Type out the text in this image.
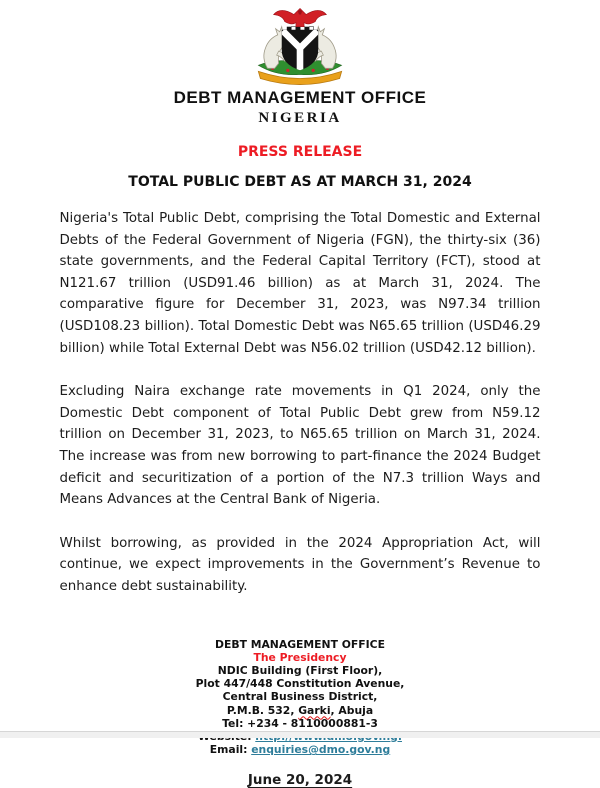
DEBT MANAGEMENT OFFICE
NIGERIA
PRESS RELEASE
TOTAL PUBLIC DEBT AS AT MARCH 31, 2024

Nigeria's Total Public Debt, comprising the Total Domestic and External Debts of the Federal Government of Nigeria (FGN), the thirty-six (36) state governments, and the Federal Capital Territory (FCT), stood at N121.67 trillion (USD91.46 billion) as at March 31, 2024. The comparative figure for December 31, 2023, was N97.34 trillion (USD108.23 billion). Total Domestic Debt was N65.65 trillion (USD46.29 billion) while Total External Debt was N56.02 trillion (USD42.12 billion).

Excluding Naira exchange rate movements in Q1 2024, only the Domestic Debt component of Total Public Debt grew from N59.12 trillion on December 31, 2023, to N65.65 trillion on March 31, 2024. The increase was from new borrowing to part-finance the 2024 Budget deficit and securitization of a portion of the N7.3 trillion Ways and Means Advances at the Central Bank of Nigeria.

Whilst borrowing, as provided in the 2024 Appropriation Act, will continue, we expect improvements in the Government’s Revenue to enhance debt sustainability.

DEBT MANAGEMENT OFFICE
The Presidency
NDIC Building (First Floor),
Plot 447/448 Constitution Avenue,
Central Business District,
P.M.B. 532, Garki, Abuja
Tel: +234 - 8110000881-3
Email: enquiries@dmo.gov.ng
June 20, 2024
